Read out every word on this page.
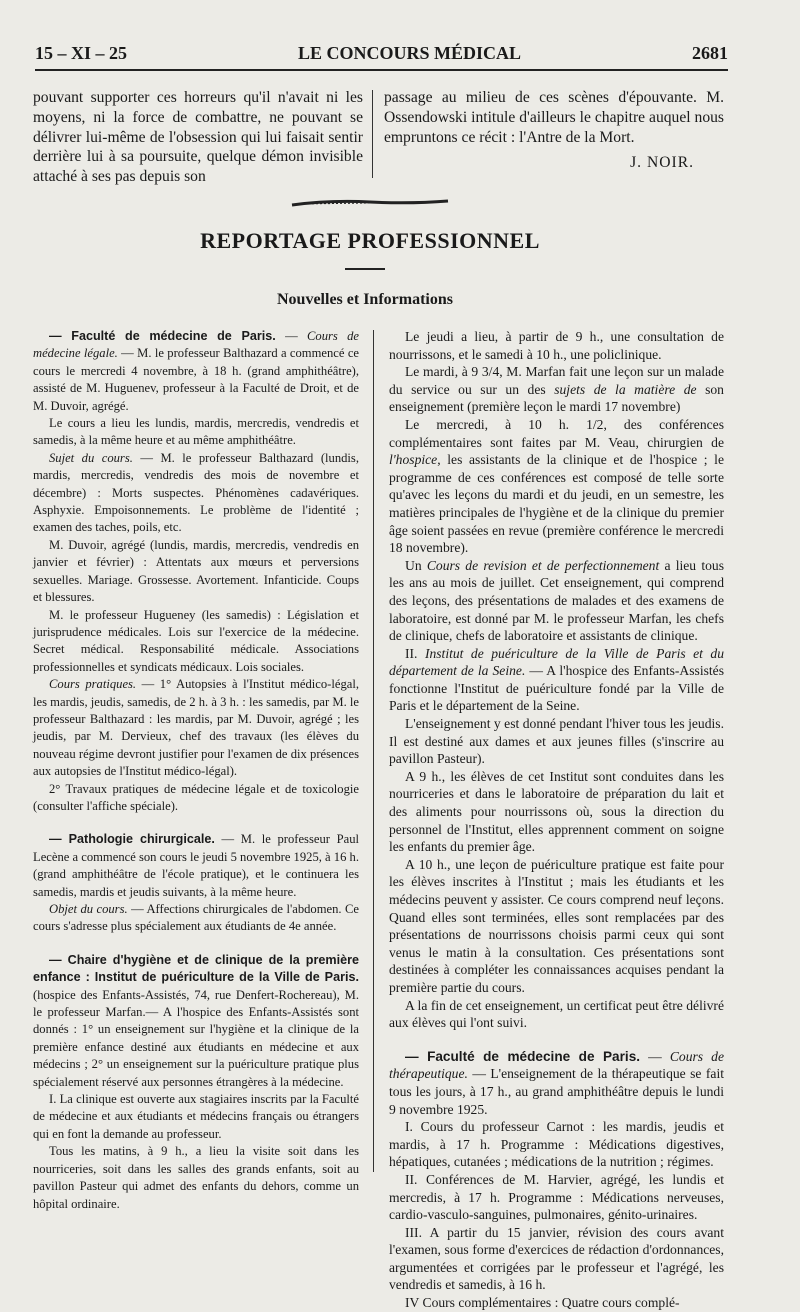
15 – XI – 25	LE CONCOURS MÉDICAL	2681

pouvant supporter ces horreurs qu'il n'avait ni les moyens, ni la force de combattre, ne pouvant se délivrer lui-même de l'obsession qui lui faisait sentir derrière lui à sa poursuite, quelque démon invisible attaché à ses pas depuis son

passage au milieu de ces scènes d'épouvante. M. Ossendowski intitule d'ailleurs le chapitre auquel nous empruntons ce récit : l'Antre de la Mort.

J. NOIR.

REPORTAGE PROFESSIONNEL
Nouvelles et Informations

— Faculté de médecine de Paris. — Cours de médecine légale. — M. le professeur Balthazard a commencé ce cours le mercredi 4 novembre, à 18 h. (grand amphithéâtre), assisté de M. Huguenev, professeur à la Faculté de Droit, et de M. Duvoir, agrégé.

Le cours a lieu les lundis, mardis, mercredis, vendredis et samedis, à la même heure et au même amphithéâtre.

Sujet du cours. — M. le professeur Balthazard (lundis, mardis, mercredis, vendredis des mois de novembre et décembre) : Morts suspectes. Phénomènes cadavériques. Asphyxie. Empoisonnements. Le problème de l'identité ; examen des taches, poils, etc.

M. Duvoir, agrégé (lundis, mardis, mercredis, vendredis en janvier et février) : Attentats aux mœurs et perversions sexuelles. Mariage. Grossesse. Avortement. Infanticide. Coups et blessures.

M. le professeur Hugueney (les samedis) : Législation et jurisprudence médicales. Lois sur l'exercice de la médecine. Secret médical. Responsabilité médicale. Associations professionnelles et syndicats médicaux. Lois sociales.

Cours pratiques. — 1° Autopsies à l'Institut médico-légal, les mardis, jeudis, samedis, de 2 h. à 3 h. : les samedis, par M. le professeur Balthazard : les mardis, par M. Duvoir, agrégé ; les jeudis, par M. Dervieux, chef des travaux (les élèves du nouveau régime devront justifier pour l'examen de dix présences aux autopsies de l'Institut médico-légal).

2° Travaux pratiques de médecine légale et de toxicologie (consulter l'affiche spéciale).

— Pathologie chirurgicale. — M. le professeur Paul Lecène a commencé son cours le jeudi 5 novembre 1925, à 16 h. (grand amphithéâtre de l'école pratique), et le continuera les samedis, mardis et jeudis suivants, à la même heure.

Objet du cours. — Affections chirurgicales de l'abdomen. Ce cours s'adresse plus spécialement aux étudiants de 4e année.

— Chaire d'hygiène et de clinique de la première enfance : Institut de puériculture de la Ville de Paris. (hospice des Enfants-Assistés, 74, rue Denfert-Rochereau), M. le professeur Marfan.— A l'hospice des Enfants-Assistés sont donnés : 1° un enseignement sur l'hygiène et la clinique de la première enfance destiné aux étudiants en médecine et aux médecins ; 2° un enseignement sur la puériculture pratique plus spécialement réservé aux personnes étrangères à la médecine.

I. La clinique est ouverte aux stagiaires inscrits par la Faculté de médecine et aux étudiants et médecins français ou étrangers qui en font la demande au professeur.

Tous les matins, à 9 h., a lieu la visite soit dans les nourriceries, soit dans les salles des grands enfants, soit au pavillon Pasteur qui admet des enfants du dehors, comme un hôpital ordinaire.

Le jeudi a lieu, à partir de 9 h., une consultation de nourrissons, et le samedi à 10 h., une policlinique.

Le mardi, à 9 3/4, M. Marfan fait une leçon sur un malade du service ou sur un des sujets de la matière de son enseignement (première leçon le mardi 17 novembre)

Le mercredi, à 10 h. 1/2, des conférences complémentaires sont faites par M. Veau, chirurgien de l'hospice, les assistants de la clinique et de l'hospice ; le programme de ces conférences est composé de telle sorte qu'avec les leçons du mardi et du jeudi, en un semestre, les matières principales de l'hygiène et de la clinique du premier âge soient passées en revue (première conférence le mercredi 18 novembre).

Un Cours de revision et de perfectionnement a lieu tous les ans au mois de juillet. Cet enseignement, qui comprend des leçons, des présentations de malades et des examens de laboratoire, est donné par M. le professeur Marfan, les chefs de clinique, chefs de laboratoire et assistants de clinique.

II. Institut de puériculture de la Ville de Paris et du département de la Seine. — A l'hospice des Enfants-Assistés fonctionne l'Institut de puériculture fondé par la Ville de Paris et le département de la Seine.

L'enseignement y est donné pendant l'hiver tous les jeudis. Il est destiné aux dames et aux jeunes filles (s'inscrire au pavillon Pasteur).

A 9 h., les élèves de cet Institut sont conduites dans les nourriceries et dans le laboratoire de préparation du lait et des aliments pour nourrissons où, sous la direction du personnel de l'Institut, elles apprennent comment on soigne les enfants du premier âge.

A 10 h., une leçon de puériculture pratique est faite pour les élèves inscrites à l'Institut ; mais les étudiants et les médecins peuvent y assister. Ce cours comprend neuf leçons. Quand elles sont terminées, elles sont remplacées par des présentations de nourrissons choisis parmi ceux qui sont venus le matin à la consultation. Ces présentations sont destinées à compléter les connaissances acquises pendant la première partie du cours.

A la fin de cet enseignement, un certificat peut être délivré aux élèves qui l'ont suivi.

— Faculté de médecine de Paris. — Cours de thérapeutique. — L'enseignement de la thérapeutique se fait tous les jours, à 17 h., au grand amphithéâtre depuis le lundi 9 novembre 1925.

I. Cours du professeur Carnot : les mardis, jeudis et mardis, à 17 h. Programme : Médications digestives, hépatiques, cutanées ; médications de la nutrition ; régimes.

II. Conférences de M. Harvier, agrégé, les lundis et mercredis, à 17 h. Programme : Médications nerveuses, cardio-vasculo-sanguines, pulmonaires, génito-urinaires.

III. A partir du 15 janvier, révision des cours avant l'examen, sous forme d'exercices de rédaction d'ordonnances, argumentées et corrigées par le professeur et l'agrégé, les vendredis et samedis, à 16 h.

IV Cours complémentaires : Quatre cours complé-
